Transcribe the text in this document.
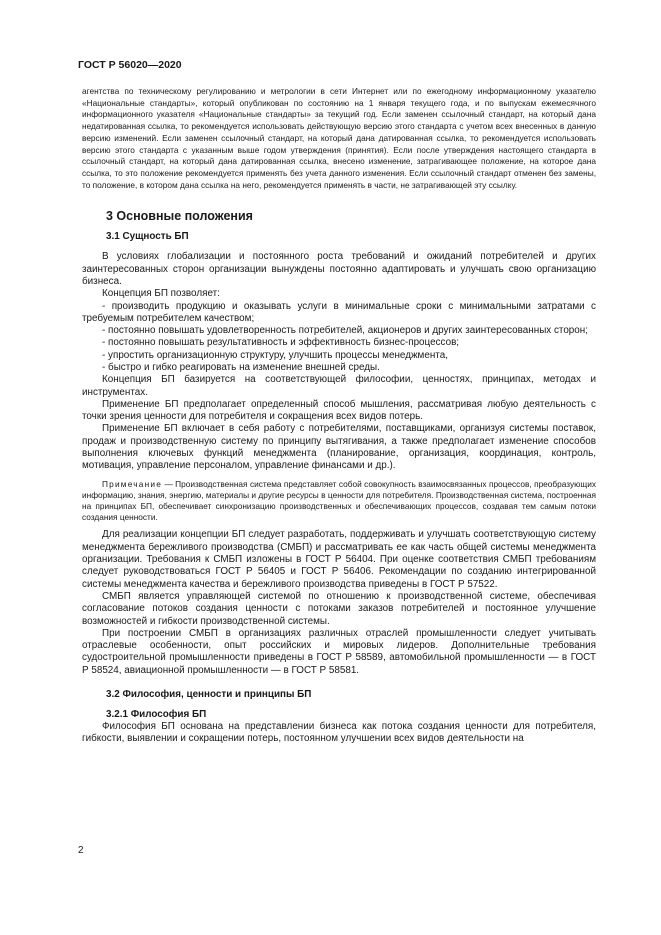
ГОСТ Р 56020—2020

агентства по техническому регулированию и метрологии в сети Интернет или по ежегодному информационному указателю «Национальные стандарты», который опубликован по состоянию на 1 января текущего года, и по выпускам ежемесячного информационного указателя «Национальные стандарты» за текущий год. Если заменен ссылочный стандарт, на который дана недатированная ссылка, то рекомендуется использовать действующую версию этого стандарта с учетом всех внесенных в данную версию изменений. Если заменен ссылочный стандарт, на который дана датированная ссылка, то рекомендуется использовать версию этого стандарта с указанным выше годом утверждения (принятия). Если после утверждения настоящего стандарта в ссылочный стандарт, на который дана датированная ссылка, внесено изменение, затрагивающее положение, на которое дана ссылка, то это положение рекомендуется применять без учета данного изменения. Если ссылочный стандарт отменен без замены, то положение, в котором дана ссылка на него, рекомендуется применять в части, не затрагивающей эту ссылку.

3 Основные положения

3.1 Сущность БП

В условиях глобализации и постоянного роста требований и ожиданий потребителей и других заинтересованных сторон организации вынуждены постоянно адаптировать и улучшать свою организацию бизнеса.

Концепция БП позволяет:

- производить продукцию и оказывать услуги в минимальные сроки с минимальными затратами с требуемым потребителем качеством;

- постоянно повышать удовлетворенность потребителей, акционеров и других заинтересованных сторон;

- постоянно повышать результативность и эффективность бизнес-процессов;

- упростить организационную структуру, улучшить процессы менеджмента,

- быстро и гибко реагировать на изменение внешней среды.

Концепция БП базируется на соответствующей философии, ценностях, принципах, методах и инструментах.

Применение БП предполагает определенный способ мышления, рассматривая любую деятельность с точки зрения ценности для потребителя и сокращения всех видов потерь.

Применение БП включает в себя работу с потребителями, поставщиками, организуя системы поставок, продаж и производственную систему по принципу вытягивания, а также предполагает изменение способов выполнения ключевых функций менеджмента (планирование, организация, координация, контроль, мотивация, управление персоналом, управление финансами и др.).

Примечание — Производственная система представляет собой совокупность взаимосвязанных процессов, преобразующих информацию, знания, энергию, материалы и другие ресурсы в ценности для потребителя. Производственная система, построенная на принципах БП, обеспечивает синхронизацию производственных и обеспечивающих процессов, создавая тем самым потоки создания ценности.

Для реализации концепции БП следует разработать, поддерживать и улучшать соответствующую систему менеджмента бережливого производства (СМБП) и рассматривать ее как часть общей системы менеджмента организации. Требования к СМБП изложены в ГОСТ Р 56404. При оценке соответствия СМБП требованиям следует руководствоваться ГОСТ Р 56405 и ГОСТ Р 56406. Рекомендации по созданию интегрированной системы менеджмента качества и бережливого производства приведены в ГОСТ Р 57522.

СМБП является управляющей системой по отношению к производственной системе, обеспечивая согласование потоков создания ценности с потоками заказов потребителей и постоянное улучшение возможностей и гибкости производственной системы.

При построении СМБП в организациях различных отраслей промышленности следует учитывать отраслевые особенности, опыт российских и мировых лидеров. Дополнительные требования судостроительной промышленности приведены в ГОСТ Р 58589, автомобильной промышленности — в ГОСТ Р 58524, авиационной промышленности — в ГОСТ Р 58581.

3.2 Философия, ценности и принципы БП

3.2.1 Философия БП

Философия БП основана на представлении бизнеса как потока создания ценности для потребителя, гибкости, выявлении и сокращении потерь, постоянном улучшении всех видов деятельности на

2
